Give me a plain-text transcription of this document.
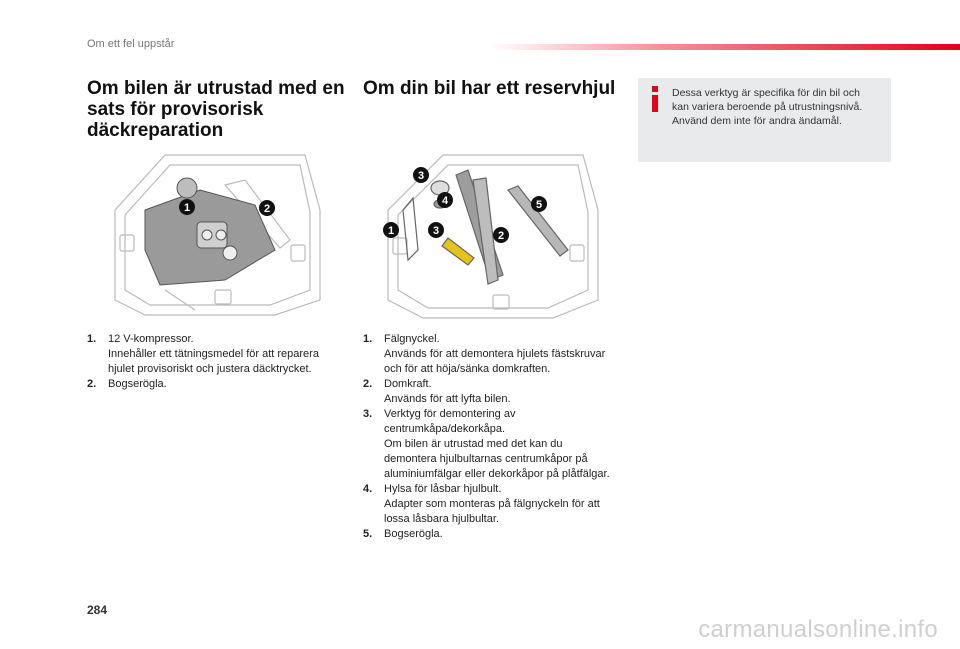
Om ett fel uppstår
Om bilen är utrustad med en sats för provisorisk däckreparation
1	2
1. 12 V-kompressor.
Innehåller ett tätningsmedel för att reparera hjulet provisoriskt och justera däcktrycket.
2. Bogserögla.
Om din bil har ett reservhjul
3
4	5
1	3	2
1. Fälgnyckel.
Används för att demontera hjulets fästskruvar och för att höja/sänka domkraften.
2. Domkraft.
Används för att lyfta bilen.
3. Verktyg för demontering av centrumkåpa/dekorkåpa.
Om bilen är utrustad med det kan du demontera hjulbultarnas centrumkåpor på aluminiumfälgar eller dekorkåpor på plåtfälgar.
4. Hylsa för låsbar hjulbult.
Adapter som monteras på fälgnyckeln för att lossa låsbara hjulbultar.
5. Bogserögla.
Dessa verktyg är specifika för din bil och kan variera beroende på utrustningsnivå. Använd dem inte för andra ändamål.
284
carmanualsonline.info
